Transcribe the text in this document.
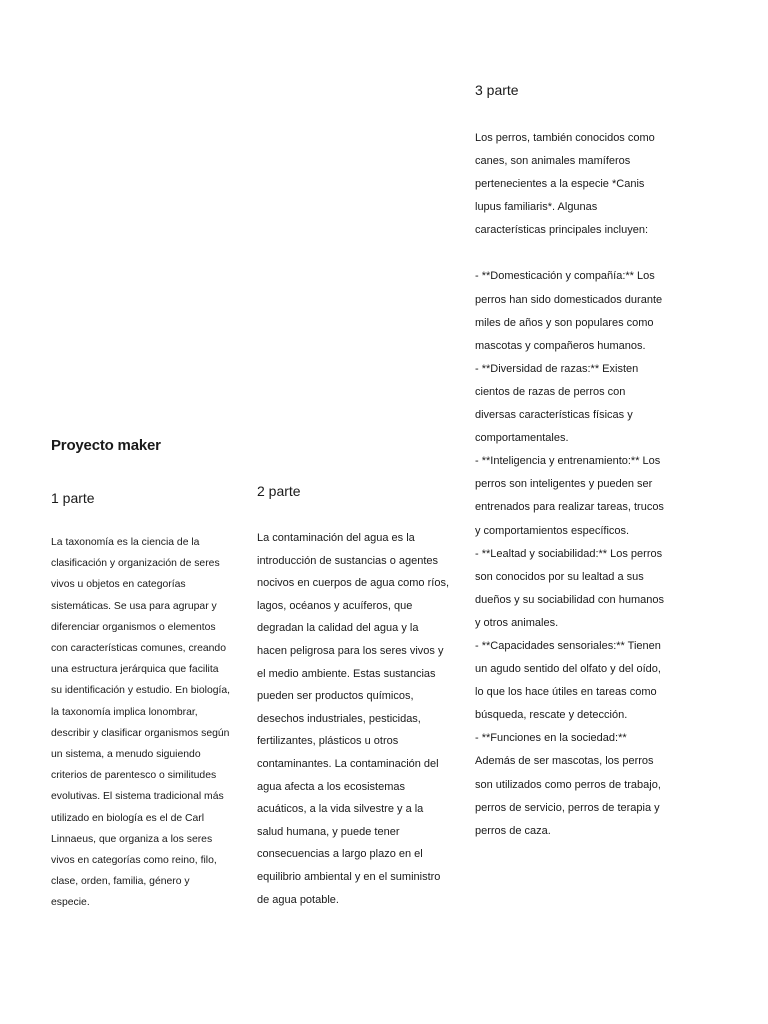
Proyecto maker
1 parte

La taxonomía es la ciencia de la clasificación y organización de seres vivos u objetos en categorías sistemáticas. Se usa para agrupar y diferenciar organismos o elementos con características comunes, creando una estructura jerárquica que facilita su identificación y estudio. En biología, la taxonomía implica lonombrar, describir y clasificar organismos según un sistema, a menudo siguiendo criterios de parentesco o similitudes evolutivas. El sistema tradicional más utilizado en biología es el de Carl Linnaeus, que organiza a los seres vivos en categorías como reino, filo, clase, orden, familia, género y especie.

2 parte

La contaminación del agua es la introducción de sustancias o agentes nocivos en cuerpos de agua como ríos, lagos, océanos y acuíferos, que degradan la calidad del agua y la hacen peligrosa para los seres vivos y el medio ambiente. Estas sustancias pueden ser productos químicos, desechos industriales, pesticidas, fertilizantes, plásticos u otros contaminantes. La contaminación del agua afecta a los ecosistemas acuáticos, a la vida silvestre y a la salud humana, y puede tener consecuencias a largo plazo en el equilibrio ambiental y en el suministro de agua potable.

3 parte

Los perros, también conocidos como canes, son animales mamíferos pertenecientes a la especie *Canis lupus familiaris*. Algunas características principales incluyen:

- **Domesticación y compañía:** Los perros han sido domesticados durante miles de años y son populares como mascotas y compañeros humanos.

- **Diversidad de razas:** Existen cientos de razas de perros con diversas características físicas y comportamentales.

- **Inteligencia y entrenamiento:** Los perros son inteligentes y pueden ser entrenados para realizar tareas, trucos y comportamientos específicos.

- **Lealtad y sociabilidad:** Los perros son conocidos por su lealtad a sus dueños y su sociabilidad con humanos y otros animales.

- **Capacidades sensoriales:** Tienen un agudo sentido del olfato y del oído, lo que los hace útiles en tareas como búsqueda, rescate y detección.

- **Funciones en la sociedad:** Además de ser mascotas, los perros son utilizados como perros de trabajo, perros de servicio, perros de terapia y perros de caza.
